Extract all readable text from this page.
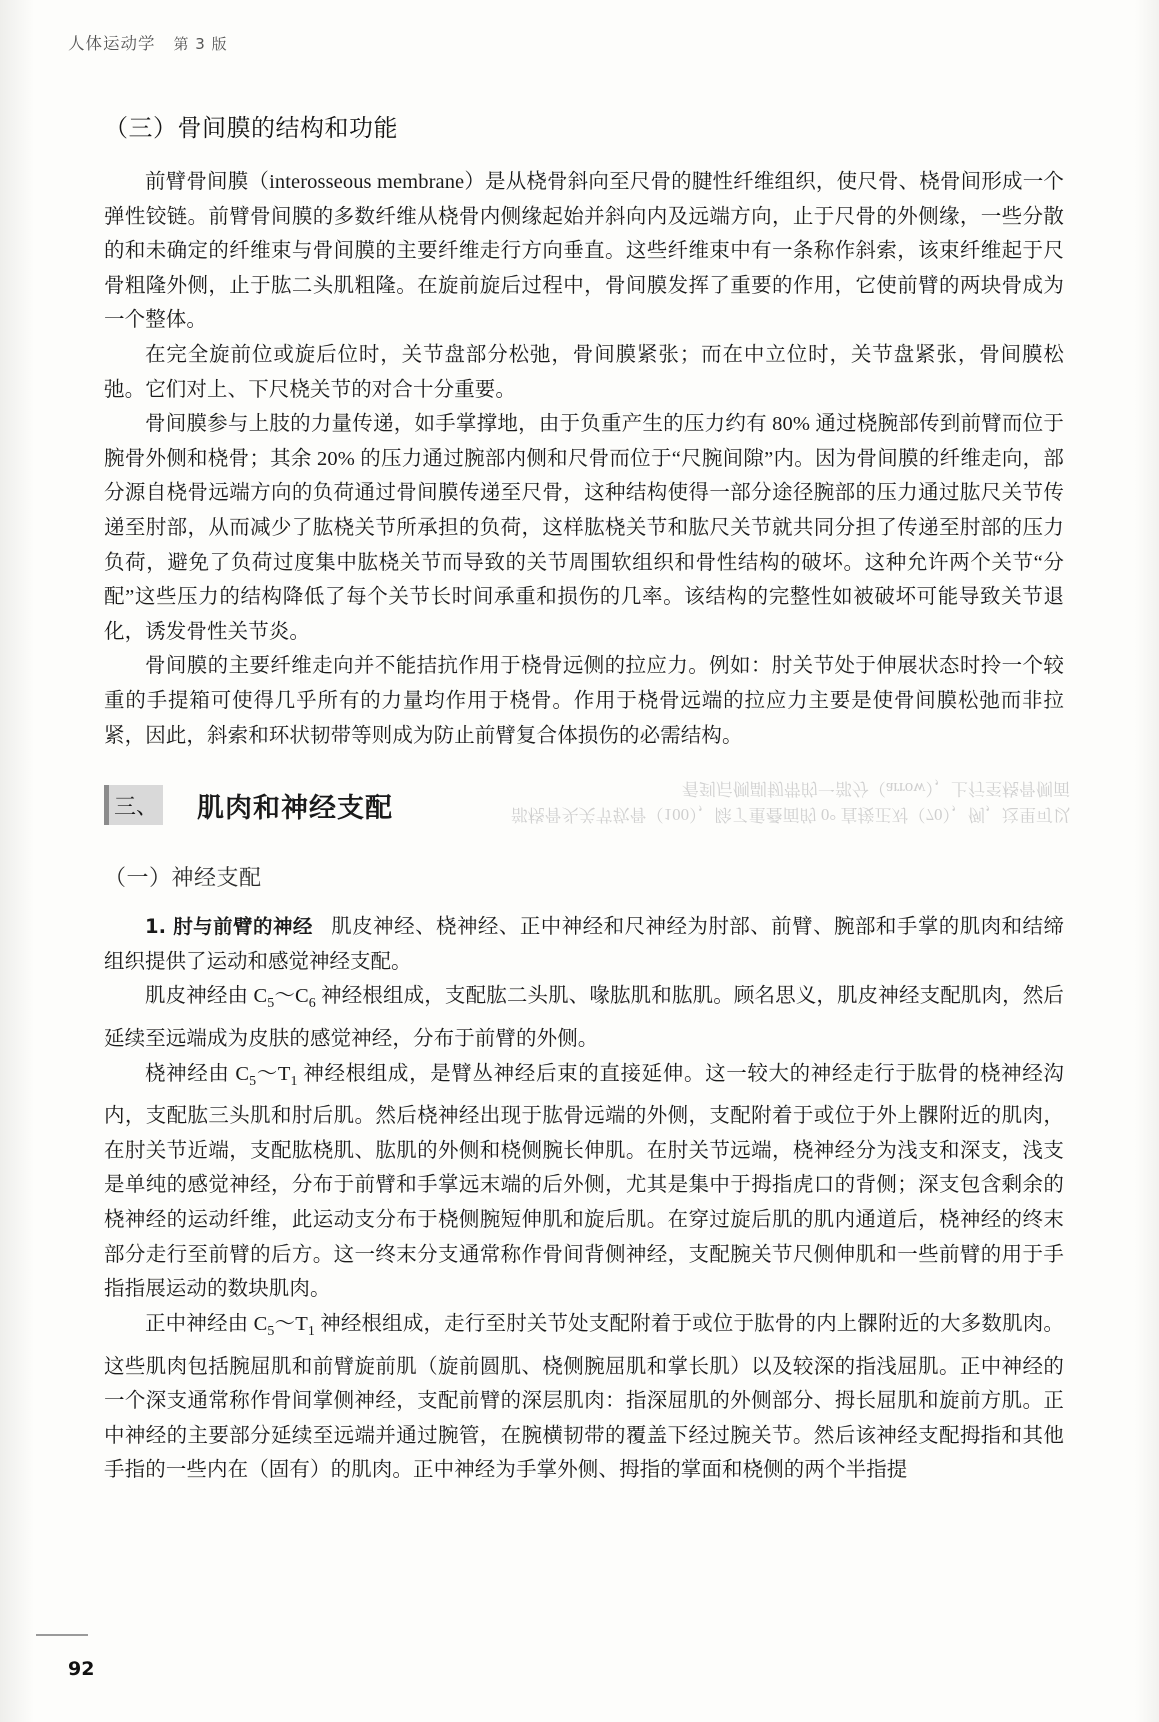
人体运动学 第 3 版
（三）骨间膜的结构和功能

前臂骨间膜（interosseous membrane）是从桡骨斜向至尺骨的腱性纤维组织，使尺骨、桡骨间形成一个弹性铰链。前臂骨间膜的多数纤维从桡骨内侧缘起始并斜向内及远端方向，止于尺骨的外侧缘，一些分散的和未确定的纤维束与骨间膜的主要纤维走行方向垂直。这些纤维束中有一条称作斜索，该束纤维起于尺骨粗隆外侧，止于肱二头肌粗隆。在旋前旋后过程中，骨间膜发挥了重要的作用，它使前臂的两块骨成为一个整体。

在完全旋前位或旋后位时，关节盘部分松弛，骨间膜紧张；而在中立位时，关节盘紧张，骨间膜松弛。它们对上、下尺桡关节的对合十分重要。

骨间膜参与上肢的力量传递，如手掌撑地，由于负重产生的压力约有 80% 通过桡腕部传到前臂而位于腕骨外侧和桡骨；其余 20% 的压力通过腕部内侧和尺骨而位于“尺腕间隙”内。因为骨间膜的纤维走向，部分源自桡骨远端方向的负荷通过骨间膜传递至尺骨，这种结构使得一部分途径腕部的压力通过肱尺关节传递至肘部，从而减少了肱桡关节所承担的负荷，这样肱桡关节和肱尺关节就共同分担了传递至肘部的压力负荷，避免了负荷过度集中肱桡关节而导致的关节周围软组织和骨性结构的破坏。这种允许两个关节“分配”这些压力的结构降低了每个关节长时间承重和损伤的几率。该结构的完整性如被破坏可能导致关节退化，诱发骨性关节炎。

骨间膜的主要纤维走向并不能拮抗作用于桡骨远侧的拉应力。例如：肘关节处于伸展状态时拎一个较重的手提箱可使得几乎所有的力量均作用于桡骨。作用于桡骨远端的拉应力主要是使骨间膜松弛而非拉紧，因此，斜索和环状韧带等则成为防止前臂复合体损伤的必需结构。

三、 肌肉和神经支配	部桡骨头关节软骨（100），除了重叠面的 0° 直接正对（70），例，这里可以看到后侧副韧带的一部分（arrow），上行至桡骨侧面
（一）神经支配

1. 肘与前臂的神经 肌皮神经、桡神经、正中神经和尺神经为肘部、前臂、腕部和手掌的肌肉和结缔组织提供了运动和感觉神经支配。

肌皮神经由 $C_5\sim C_6$ 神经根组成，支配肱二头肌、喙肱肌和肱肌。顾名思义，肌皮神经支配肌肉，然后延续至远端成为皮肤的感觉神经，分布于前臂的外侧。

桡神经由 $C_5\sim T_1$ 神经根组成，是臂丛神经后束的直接延伸。这一较大的神经走行于肱骨的桡神经沟内，支配肱三头肌和肘后肌。然后桡神经出现于肱骨远端的外侧，支配附着于或位于外上髁附近的肌肉，在肘关节近端，支配肱桡肌、肱肌的外侧和桡侧腕长伸肌。在肘关节远端，桡神经分为浅支和深支，浅支是单纯的感觉神经，分布于前臂和手掌远末端的后外侧，尤其是集中于拇指虎口的背侧；深支包含剩余的桡神经的运动纤维，此运动支分布于桡侧腕短伸肌和旋后肌。在穿过旋后肌的肌内通道后，桡神经的终末部分走行至前臂的后方。这一终末分支通常称作骨间背侧神经，支配腕关节尺侧伸肌和一些前臂的用于手指指展运动的数块肌肉。

正中神经由 $C_5\sim T_1$ 神经根组成，走行至肘关节处支配附着于或位于肱骨的内上髁附近的大多数肌肉。这些肌肉包括腕屈肌和前臂旋前肌（旋前圆肌、桡侧腕屈肌和掌长肌）以及较深的指浅屈肌。正中神经的一个深支通常称作骨间掌侧神经，支配前臂的深层肌肉：指深屈肌的外侧部分、拇长屈肌和旋前方肌。正中神经的主要部分延续至远端并通过腕管，在腕横韧带的覆盖下经过腕关节。然后该神经支配拇指和其他手指的一些内在（固有）的肌肉。正中神经为手掌外侧、拇指的掌面和桡侧的两个半指提

92
